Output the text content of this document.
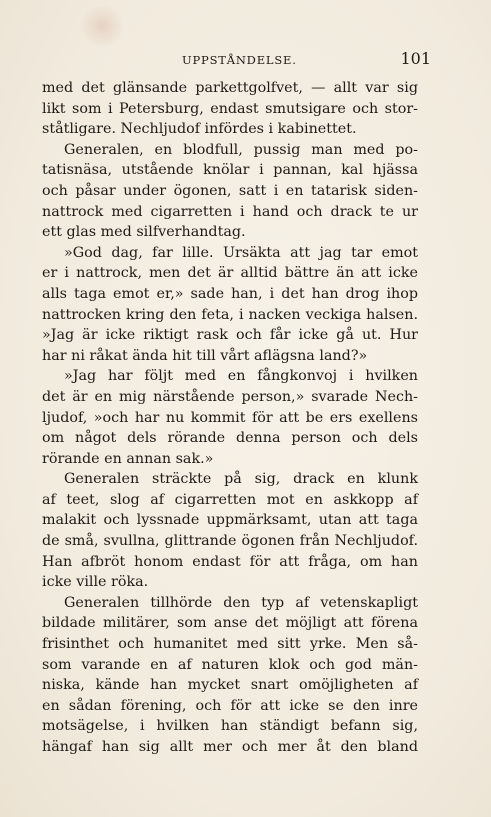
UPPSTÅNDELSE.	101
med det glänsande parkettgolfvet, — allt var sig
likt som i Petersburg, endast smutsigare och stor-
ståtligare. Nechljudof infördes i kabinettet.
Generalen, en blodfull, pussig man med po-
tatisnäsa, utstående knölar i pannan, kal hjässa
och påsar under ögonen, satt i en tatarisk siden-
nattrock med cigarretten i hand och drack te ur
ett glas med silfverhandtag.
»God dag, far lille. Ursäkta att jag tar emot
er i nattrock, men det är alltid bättre än att icke
alls taga emot er,» sade han, i det han drog ihop
nattrocken kring den feta, i nacken veckiga halsen.
»Jag är icke riktigt rask och får icke gå ut. Hur
har ni råkat ända hit till vårt aflägsna land?»
»Jag har följt med en fångkonvoj i hvilken
det är en mig närstående person,» svarade Nech-
ljudof, »och har nu kommit för att be ers exellens
om något dels rörande denna person och dels
rörande en annan sak.»
Generalen sträckte på sig, drack en klunk
af teet, slog af cigarretten mot en askkopp af
malakit och lyssnade uppmärksamt, utan att taga
de små, svullna, glittrande ögonen från Nechljudof.
Han afbröt honom endast för att fråga, om han
icke ville röka.
Generalen tillhörde den typ af vetenskapligt
bildade militärer, som anse det möjligt att förena
frisinthet och humanitet med sitt yrke. Men så-
som varande en af naturen klok och god män-
niska, kände han mycket snart omöjligheten af
en sådan förening, och för att icke se den inre
motsägelse, i hvilken han ständigt befann sig,
hängaf han sig allt mer och mer åt den bland
